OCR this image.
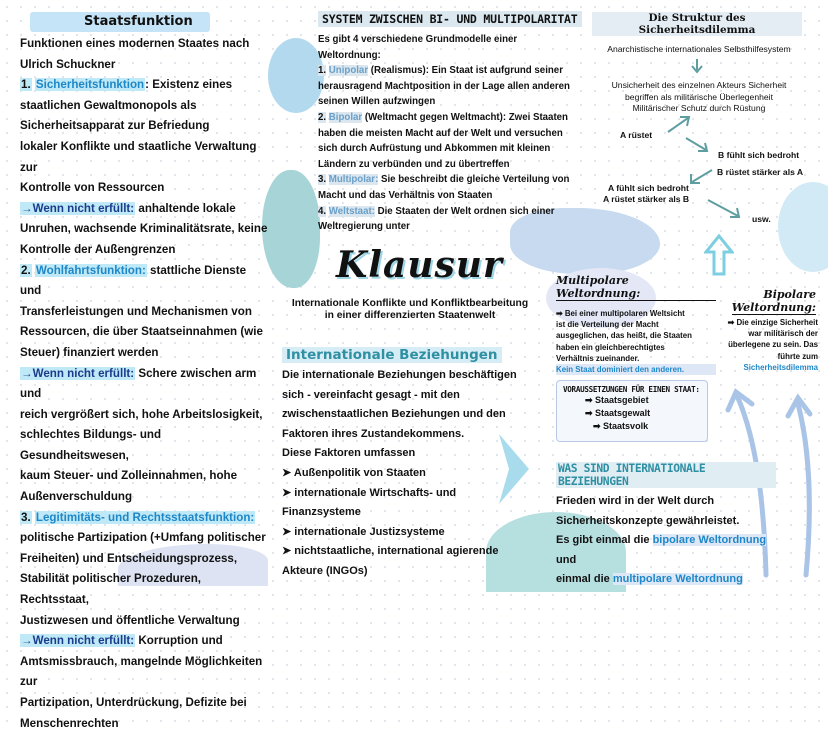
Staatsfunktion

Funktionen eines modernen Staates nach

Ulrich Schuckner

1. Sicherheitsfunktion: Existenz eines

staatlichen Gewaltmonopols als

Sicherheitsapparat zur Befriedung

lokaler Konflikte und staatliche Verwaltung zur

Kontrolle von Ressourcen

→Wenn nicht erfüllt: anhaltende lokale

Unruhen, wachsende Kriminalitätsrate, keine

Kontrolle der Außengrenzen

2. Wohlfahrtsfunktion: stattliche Dienste und

Transferleistungen und Mechanismen von

Ressourcen, die über Staatseinnahmen (wie

Steuer) finanziert werden

→Wenn nicht erfüllt: Schere zwischen arm und

reich vergrößert sich, hohe Arbeitslosigkeit,

schlechtes Bildungs- und Gesundheitswesen,

kaum Steuer- und Zolleinnahmen, hohe

Außenverschuldung

3. Legitimitäts- und Rechtsstaatsfunktion:

politische Partizipation (+Umfang politischer

Freiheiten) und Entscheidungsprozess,

Stabilität politischer Prozeduren, Rechtsstaat,

Justizwesen und öffentliche Verwaltung

→Wenn nicht erfüllt: Korruption und

Amtsmissbrauch, mangelnde Möglichkeiten zur

Partizipation, Unterdrückung, Defizite bei

Menschenrechten

SYSTEM ZWISCHEN BI- UND MULTIPOLARITAT
Es gibt 4 verschiedene Grundmodelle einer
Weltordnung:
1. Unipolar (Realismus): Ein Staat ist aufgrund seiner
herausragend Machtposition in der Lage allen anderen
seinen Willen aufzwingen
2. Bipolar (Weltmacht gegen Weltmacht): Zwei Staaten
haben die meisten Macht auf der Welt und versuchen
sich durch Aufrüstung und Abkommen mit kleinen
Ländern zu verbünden und zu übertreffen
3. Multipolar: Sie beschreibt die gleiche Verteilung von
Macht und das Verhältnis von Staaten
4. Weltstaat: Die Staaten der Welt ordnen sich einer
Weltregierung unter
Klausur
Internationale Konflikte und Konfliktbearbeitung
in einer differenzierten Staatenwelt
Internationale Beziehungen

Die internationale Beziehungen beschäftigen

sich - vereinfacht gesagt - mit den

zwischenstaatlichen Beziehungen und den

Faktoren ihres Zustandekommens.

Diese Faktoren umfassen

➤ Außenpolitik von Staaten

➤ internationale Wirtschafts- und

Finanzsysteme

➤ internationale Justizsysteme

➤ nichtstaatliche, international agierende

Akteure (INGOs)

Die Struktur des Sicherheitsdilemma
Anarchistische internationales Selbsthilfesystem
Unsicherheit des einzelnen Akteurs Sicherheit
begriffen als militärische Überlegenheit
Militärischer Schutz durch Rüstung
A rüstet
B fühlt sich bedroht
B rüstet stärker als A
A fühlt sich bedroht
A rüstet stärker als B
usw.
Multipolare Weltordnung:
➡ Bei einer multipolaren Weltsicht
ist die Verteilung der Macht
ausgeglichen, das heißt, die Staaten
haben ein gleichberechtigtes
Verhältnis zueinander.
Kein Staat dominiert den anderen.
Bipolare
Weltordnung:
➡ Die einzige Sicherheit
war militärisch der
überlegene zu sein. Das
führte zum
Sicherheitsdilemma
VORAUSSETZUNGEN FÜR EINEN STAAT:
➡ Staatsgebiet
➡ Staatsgewalt
➡ Staatsvolk
WAS SIND INTERNATIONALE BEZIEHUNGEN

Frieden wird in der Welt durch

Sicherheitskonzepte gewährleistet.

Es gibt einmal die bipolare Weltordnung und

einmal die multipolare Weltordnung
